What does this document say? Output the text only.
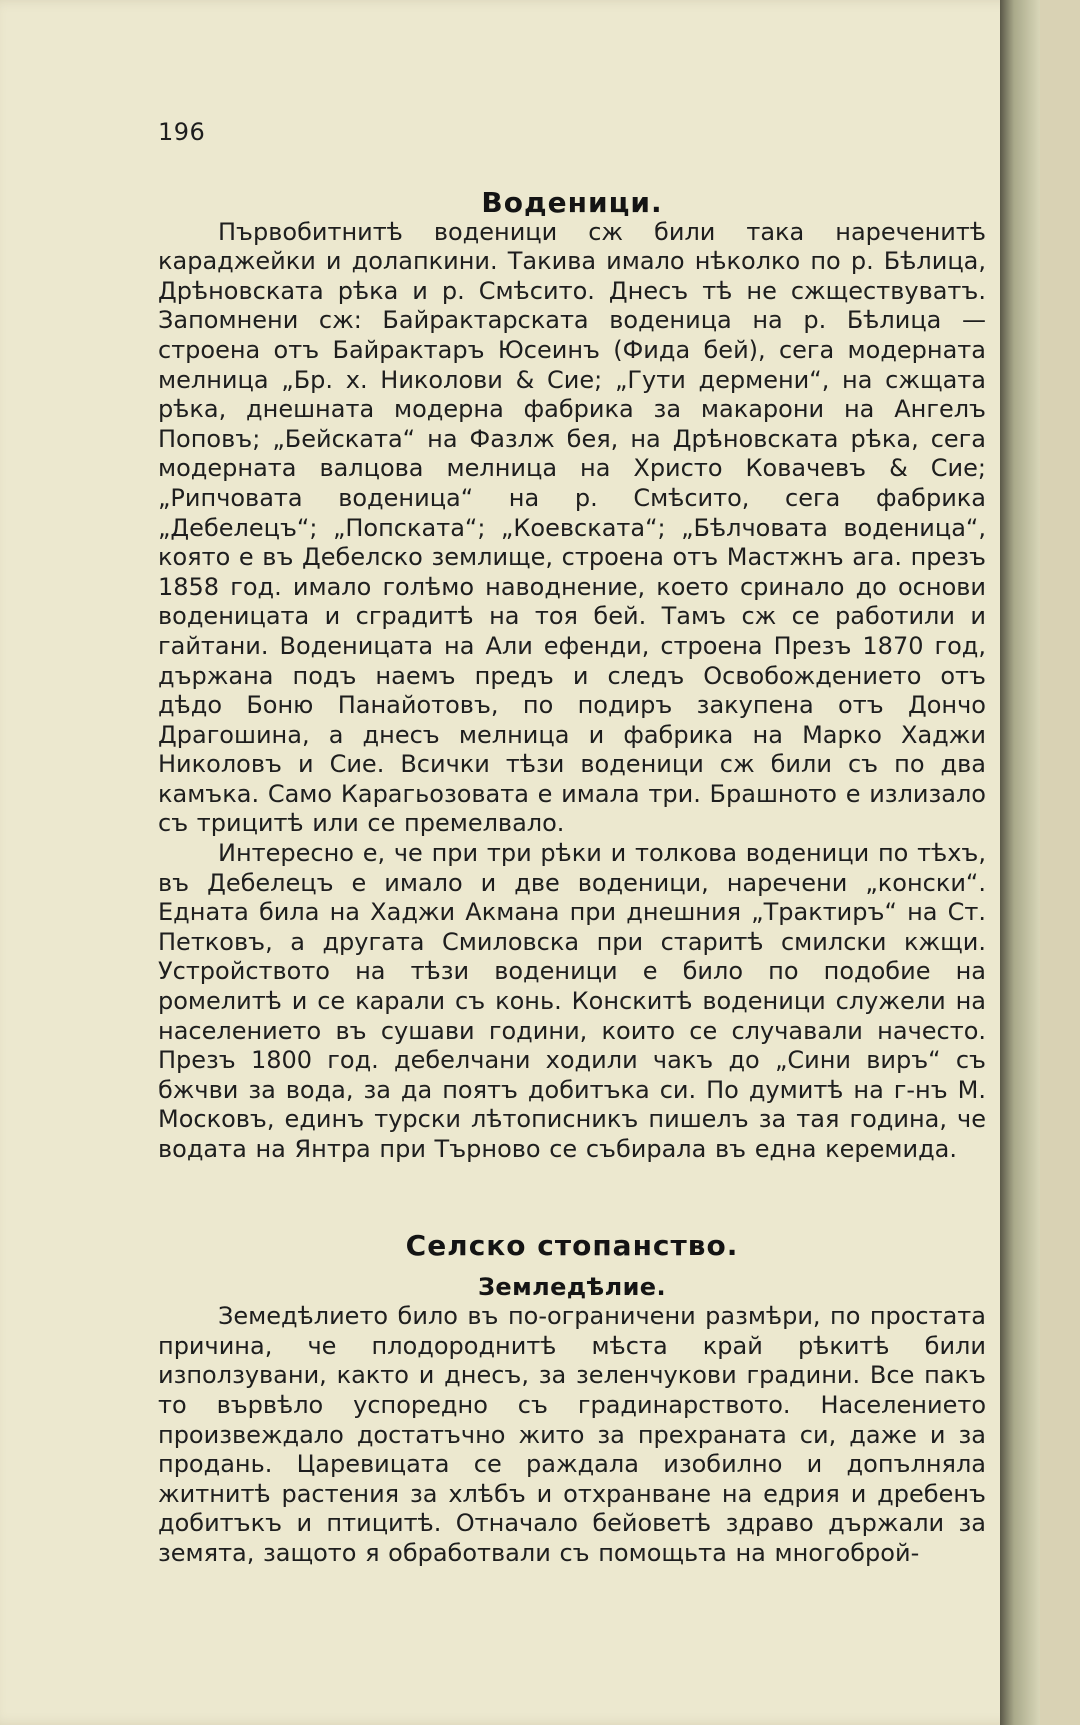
196
Воденици.

Първобитнитѣ воденици сж били така нареченитѣ караджейки и долапкини. Такива имало нѣколко по р. Бѣлица, Дрѣновската рѣка и р. Смѣсито. Днесъ тѣ не сжществуватъ. Запомнени сж: Байрактарската воденица на р. Бѣлица — строена отъ Байрактаръ Юсеинъ (Фида бей), сега модерната мелница „Бр. х. Николови & Сие; „Гути дермени“, на сжщата рѣка, днешната модерна фабрика за макарони на Ангелъ Поповъ; „Бейската“ на Фазлж бея, на Дрѣновската рѣка, сега модерната валцова мелница на Христо Ковачевъ & Сие; „Рипчовата воденица“ на р. Смѣсито, сега фабрика „Дебелецъ“; „Попската“; „Коевската“; „Бѣлчовата воденица“, която е въ Дебелско землище, строена отъ Мастжнъ ага. презъ 1858 год. имало голѣмо наводнение, което сринало до основи воденицата и сградитѣ на тоя бей. Тамъ сж се работили и гайтани. Воденицата на Али ефенди, строена Презъ 1870 год, държана подъ наемъ предъ и следъ Освобождението отъ дѣдо Боню Панайотовъ, по подиръ закупена отъ Дончо Драгошина, а днесъ мелница и фабрика на Марко Хаджи Николовъ и Сие. Всички тѣзи воденици сж били съ по два камъка. Само Карагьозовата е имала три. Брашното е излизало съ трицитѣ или се премелвало.

Интересно е, че при три рѣки и толкова воденици по тѣхъ, въ Дебелецъ е имало и две воденици, наречени „конски“. Едната била на Хаджи Акмана при днешния „Трактиръ“ на Ст. Петковъ, а другата Смиловска при старитѣ смилски кжщи. Устройството на тѣзи воденици е било по подобие на ромелитѣ и се карали съ конь. Конскитѣ воденици служели на населението въ сушави години, които се случавали начесто. Презъ 1800 год. дебелчани ходили чакъ до „Сини виръ“ съ бжчви за вода, за да поятъ добитъка си. По думитѣ на г-нъ М. Московъ, единъ турски лѣтописникъ пишелъ за тая година, че водата на Янтра при Търново се събирала въ една керемида.

Селско стопанство.
Земледѣлие.

Земедѣлието било въ по-ограничени размѣри, по простата причина, че плодороднитѣ мѣста край рѣкитѣ били използувани, както и днесъ, за зеленчукови градини. Все пакъ то вървѣло успоредно съ градинарството. Населението произвеждало достатъчно жито за прехраната си, даже и за продань. Царевицата се раждала изобилно и допълняла житнитѣ растения за хлѣбъ и отхранване на едрия и дребенъ добитъкъ и птицитѣ. Отначало бейоветѣ здраво държали за земята, защото я обработвали съ помощьта на многоброй-
